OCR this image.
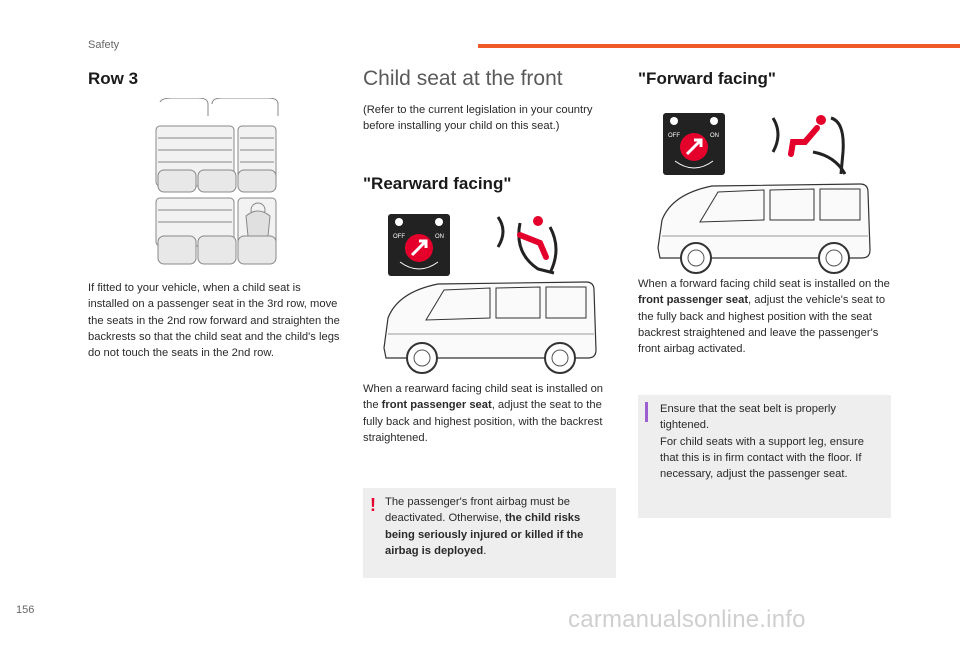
Safety
Row 3
If fitted to your vehicle, when a child seat is installed on a passenger seat in the 3rd row, move the seats in the 2nd row forward and straighten the backrests so that the child seat and the child's legs do not touch the seats in the 2nd row.
Child seat at the front
(Refer to the current legislation in your country before installing your child on this seat.)
"Rearward facing"
OFF	ON
When a rearward facing child seat is installed on the front passenger seat, adjust the seat to the fully back and highest position, with the backrest straightened.
! The passenger's front airbag must be deactivated. Otherwise, the child risks being seriously injured or killed if the airbag is deployed.
"Forward facing"
OFF	ON
When a forward facing child seat is installed on the front passenger seat, adjust the vehicle's seat to the fully back and highest position with the seat backrest straightened and leave the passenger's front airbag activated.
Ensure that the seat belt is properly tightened.
For child seats with a support leg, ensure that this is in firm contact with the floor. If necessary, adjust the passenger seat.
156	carmanualsonline.info
